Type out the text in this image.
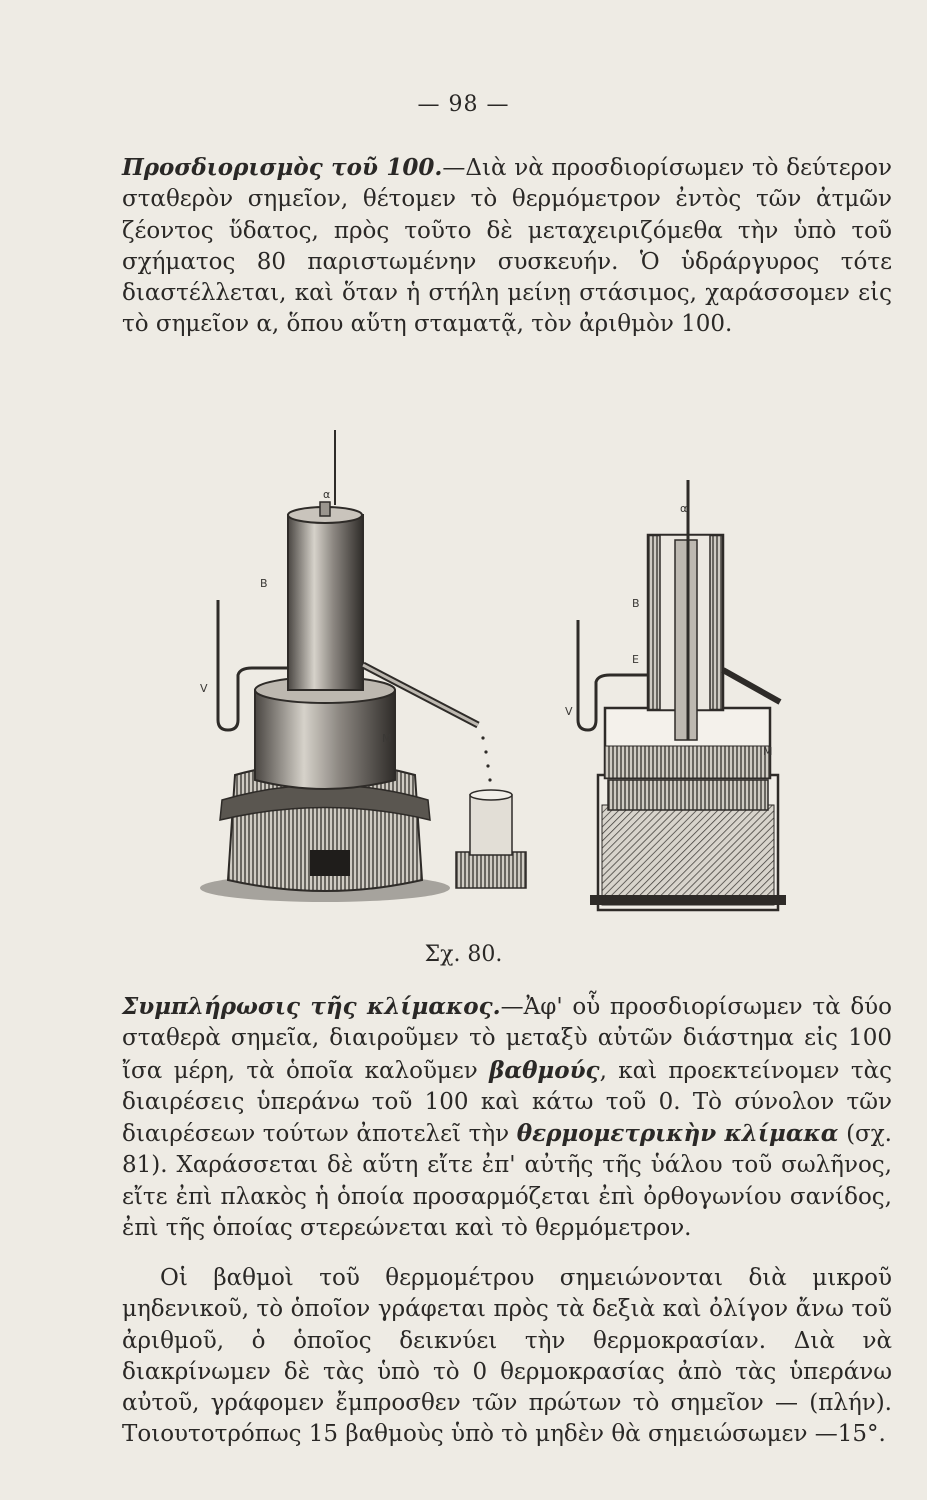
— 98 —

Προσδιορισμὸς τοῦ 100.—Διὰ νὰ προσδιορίσωμεν τὸ δεύτερον σταθερὸν σημεῖον, θέτομεν τὸ θερμόμετρον ἐντὸς τῶν ἀτμῶν ζέοντος ὕδατος, πρὸς τοῦτο δὲ μεταχειριζόμεθα τὴν ὑπὸ τοῦ σχήματος 80 παριστωμένην συσκευήν. Ὁ ὑδράργυρος τότε διαστέλλεται, καὶ ὅταν ἡ στήλη μείνῃ στάσιμος, χαράσσομεν εἰς τὸ σημεῖον α, ὅπου αὕτη σταματᾷ, τὸν ἀριθμὸν 100.

α
Β
V
Μ
α
Β
Ε
V
Μ
Σχ. 80.

Συμπλήρωσις τῆς κλίμακος.—Ἀφ' οὗ προσδιορίσωμεν τὰ δύο σταθερὰ σημεῖα, διαιροῦμεν τὸ μεταξὺ αὐτῶν διάστημα εἰς 100 ἴσα μέρη, τὰ ὁποῖα καλοῦμεν βαθμούς, καὶ προεκτείνομεν τὰς διαιρέσεις ὑπεράνω τοῦ 100 καὶ κάτω τοῦ 0. Τὸ σύνολον τῶν διαιρέσεων τούτων ἀποτελεῖ τὴν θερμομετρικὴν κλίμακα (σχ. 81). Χαράσσεται δὲ αὕτη εἴτε ἐπ' αὐτῆς τῆς ὑάλου τοῦ σωλῆνος, εἴτε ἐπὶ πλακὸς ἡ ὁποία προσαρμόζεται ἐπὶ ὀρθογωνίου σανίδος, ἐπὶ τῆς ὁποίας στερεώνεται καὶ τὸ θερμόμετρον.

Οἱ βαθμοὶ τοῦ θερμομέτρου σημειώνονται διὰ μικροῦ μηδενικοῦ, τὸ ὁποῖον γράφεται πρὸς τὰ δεξιὰ καὶ ὀλίγον ἄνω τοῦ ἀριθμοῦ, ὁ ὁποῖος δεικνύει τὴν θερμοκρασίαν. Διὰ νὰ διακρίνωμεν δὲ τὰς ὑπὸ τὸ 0 θερμοκρασίας ἀπὸ τὰς ὑπεράνω αὐτοῦ, γράφομεν ἔμπροσθεν τῶν πρώτων τὸ σημεῖον — (πλήν). Τοιουτοτρόπως 15 βαθμοὺς ὑπὸ τὸ μηδὲν θὰ σημειώσωμεν —15°.
